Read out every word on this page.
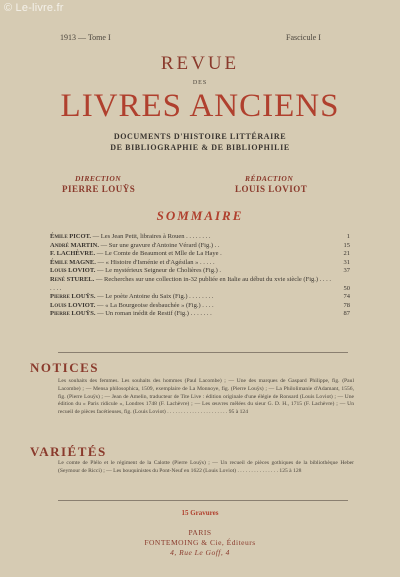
© Le-livre.fr
1913 — Tome I	Fascicule I
REVUE
DES
LIVRES ANCIENS
DOCUMENTS D'HISTOIRE LITTÉRAIRE
DE BIBLIOGRAPHIE & DE BIBLIOPHILIE
DIRECTION	RÉDACTION
PIERRE LOUŸS	LOUIS LOVIOT
SOMMAIRE
Émile PICOT. — Les Jean Petit, libraires à Rouen . . . . . . . .	1
André MARTIN. — Sur une gravure d'Antoine Vérard (Fig.) . .	15
F. LACHÈVRE. — Le Comte de Beaumont et Mlle de La Haye .	21
Émile MAGNE. — « Histoire d'Isménie et d'Agésilan » . . . . .	31
Louis LOVIOT. — Le mystérieux Seigneur de Cholières (Fig.) .	37
René STUREL. — Recherches sur une collection in-32 publiée en Italie au début du xvie siècle (Fig.) . . . . . . . .	50
Pierre LOUŸS. — Le poète Antoine du Saix (Fig.) . . . . . . . .	74
Louis LOVIOT. — « La Bourgeoise desbauchée » (Fig.) . . . .	78
Pierre LOUŸS. — Un roman inédit de Restif (Fig.) . . . . . . .	87
NOTICES
Les souhaits des femmes. Les souhaits des hommes (Paul Lacombe) ; — Une des marques de Gaspard Philippe, fig. (Paul Lacombe) ; — Mensa philosophica, 1509, exemplaire de La Monnoye, fig. (Pierre Louÿs) ; — La Philolimanie d'Adamant, 1556, fig. (Pierre Louÿs) ; — Jean de Amelin, traducteur de Tite Live : édition originale d'une élégie de Ronsard (Louis Loviot) ; — Une édition du « Paris ridicule », Londres 1748 (F. Lachèvre) ; — Les œuvres mêlées du sieur G. D. H., 1715 (F. Lachèvre) ; — Un recueil de pièces facétieuses, fig. (Louis Loviot) . . . . . . . . . . . . . . . . . . . . . . 95 à 124
VARIÉTÉS
Le comte de Plélo et le régiment de la Calotte (Pierre Louÿs) ; — Un recueil de pièces gothiques de la bibliothèque Heber (Seymour de Ricci) ; — Les bouquinistes du Pont-Neuf en 1622 (Louis Loviot) . . . . . . . . . . . . . . . 125 à 128
15 Gravures
PARIS
FONTEMOING & Cie, Éditeurs
4, Rue Le Goff, 4
